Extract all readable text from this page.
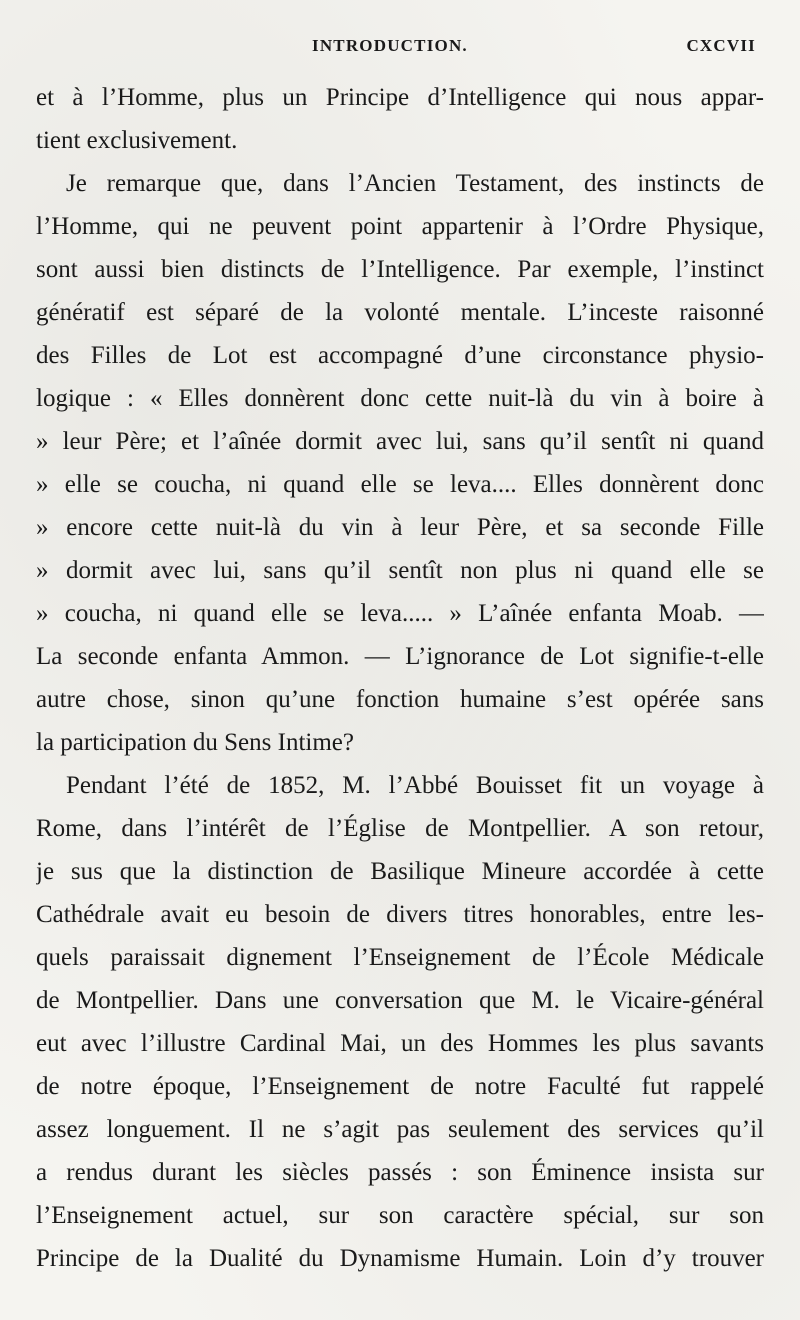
INTRODUCTION.	CXCVII
et à l’Homme, plus un Principe d’Intelligence qui nous appar-
tient exclusivement.
Je remarque que, dans l’Ancien Testament, des instincts de
l’Homme, qui ne peuvent point appartenir à l’Ordre Physique,
sont aussi bien distincts de l’Intelligence. Par exemple, l’instinct
génératif est séparé de la volonté mentale. L’inceste raisonné
des Filles de Lot est accompagné d’une circonstance physio-
logique : « Elles donnèrent donc cette nuit-là du vin à boire à
» leur Père; et l’aînée dormit avec lui, sans qu’il sentît ni quand
» elle se coucha, ni quand elle se leva.... Elles donnèrent donc
» encore cette nuit-là du vin à leur Père, et sa seconde Fille
» dormit avec lui, sans qu’il sentît non plus ni quand elle se
» coucha, ni quand elle se leva..... » L’aînée enfanta Moab. —
La seconde enfanta Ammon. — L’ignorance de Lot signifie-t-elle
autre chose, sinon qu’une fonction humaine s’est opérée sans
la participation du Sens Intime?
Pendant l’été de 1852, M. l’Abbé Bouisset fit un voyage à
Rome, dans l’intérêt de l’Église de Montpellier. A son retour,
je sus que la distinction de Basilique Mineure accordée à cette
Cathédrale avait eu besoin de divers titres honorables, entre les-
quels paraissait dignement l’Enseignement de l’École Médicale
de Montpellier. Dans une conversation que M. le Vicaire-général
eut avec l’illustre Cardinal Mai, un des Hommes les plus savants
de notre époque, l’Enseignement de notre Faculté fut rappelé
assez longuement. Il ne s’agit pas seulement des services qu’il
a rendus durant les siècles passés : son Éminence insista sur
l’Enseignement actuel, sur son caractère spécial, sur son
Principe de la Dualité du Dynamisme Humain. Loin d’y trouver
